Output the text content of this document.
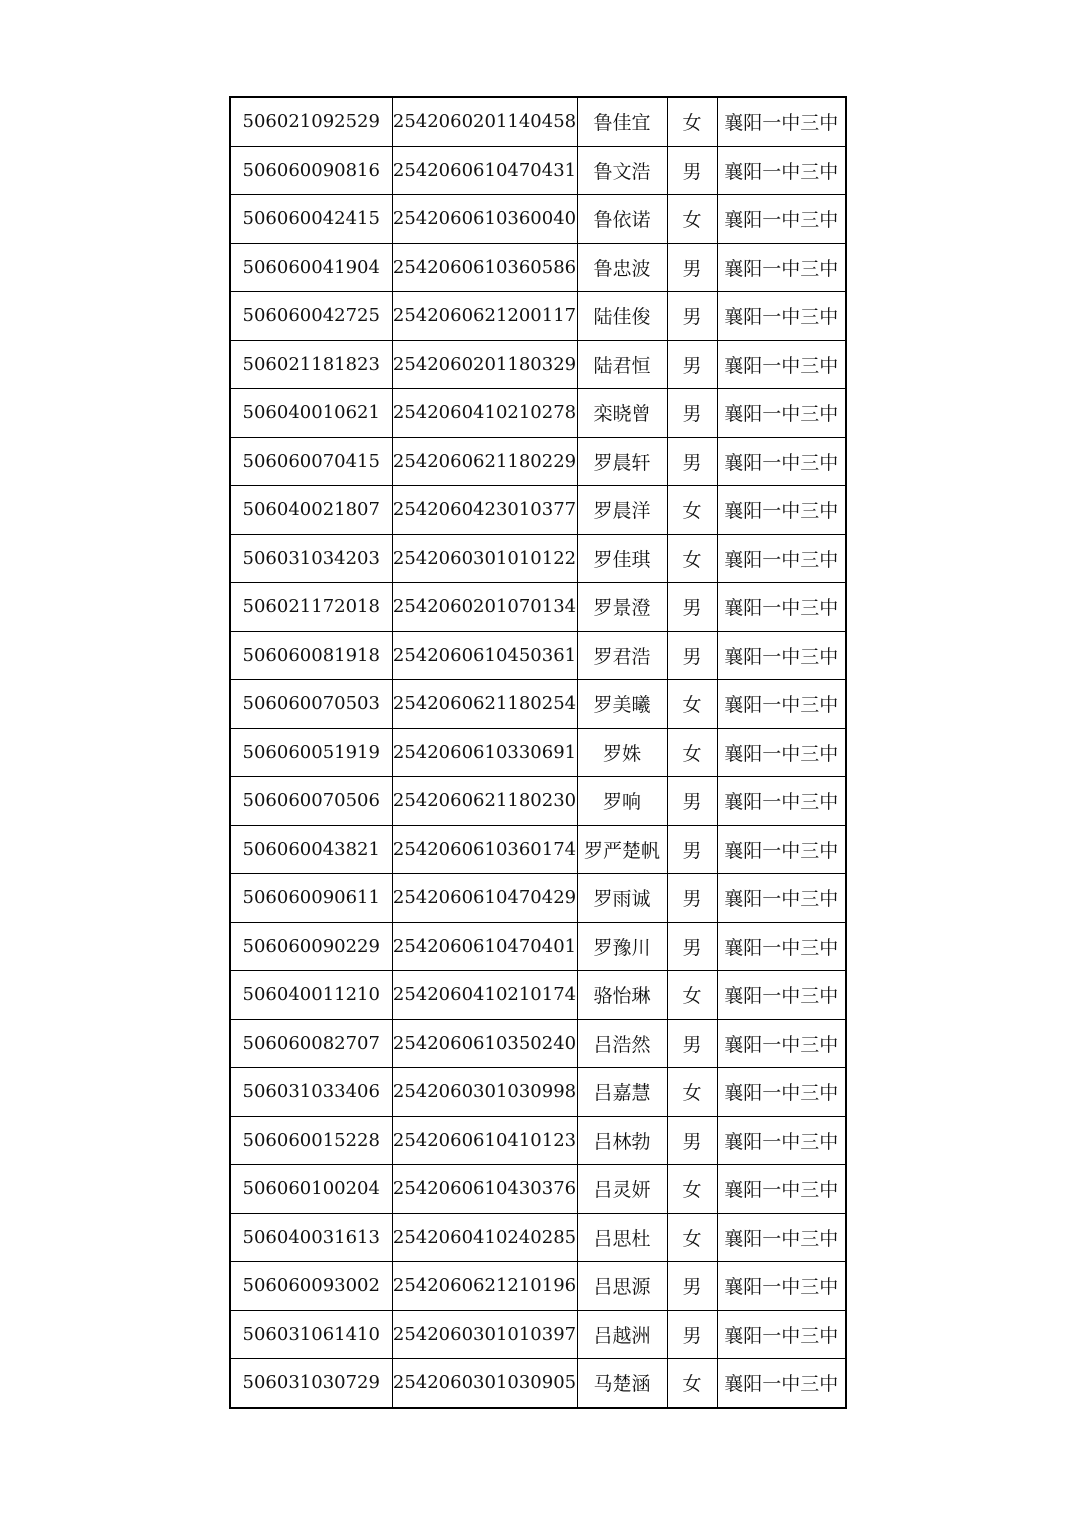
506021092529	2542060201140458	鲁佳宜	女	襄阳一中三中
506060090816	2542060610470431	鲁文浩	男	襄阳一中三中
506060042415	2542060610360040	鲁依诺	女	襄阳一中三中
506060041904	2542060610360586	鲁忠波	男	襄阳一中三中
506060042725	2542060621200117	陆佳俊	男	襄阳一中三中
506021181823	2542060201180329	陆君恒	男	襄阳一中三中
506040010621	2542060410210278	栾晓曾	男	襄阳一中三中
506060070415	2542060621180229	罗晨轩	男	襄阳一中三中
506040021807	2542060423010377	罗晨洋	女	襄阳一中三中
506031034203	2542060301010122	罗佳琪	女	襄阳一中三中
506021172018	2542060201070134	罗景澄	男	襄阳一中三中
506060081918	2542060610450361	罗君浩	男	襄阳一中三中
506060070503	2542060621180254	罗美曦	女	襄阳一中三中
506060051919	2542060610330691	罗姝	女	襄阳一中三中
506060070506	2542060621180230	罗响	男	襄阳一中三中
506060043821	2542060610360174	罗严楚帆	男	襄阳一中三中
506060090611	2542060610470429	罗雨诚	男	襄阳一中三中
506060090229	2542060610470401	罗豫川	男	襄阳一中三中
506040011210	2542060410210174	骆怡琳	女	襄阳一中三中
506060082707	2542060610350240	吕浩然	男	襄阳一中三中
506031033406	2542060301030998	吕嘉慧	女	襄阳一中三中
506060015228	2542060610410123	吕林勃	男	襄阳一中三中
506060100204	2542060610430376	吕灵妍	女	襄阳一中三中
506040031613	2542060410240285	吕思杜	女	襄阳一中三中
506060093002	2542060621210196	吕思源	男	襄阳一中三中
506031061410	2542060301010397	吕越洲	男	襄阳一中三中
506031030729	2542060301030905	马楚涵	女	襄阳一中三中
